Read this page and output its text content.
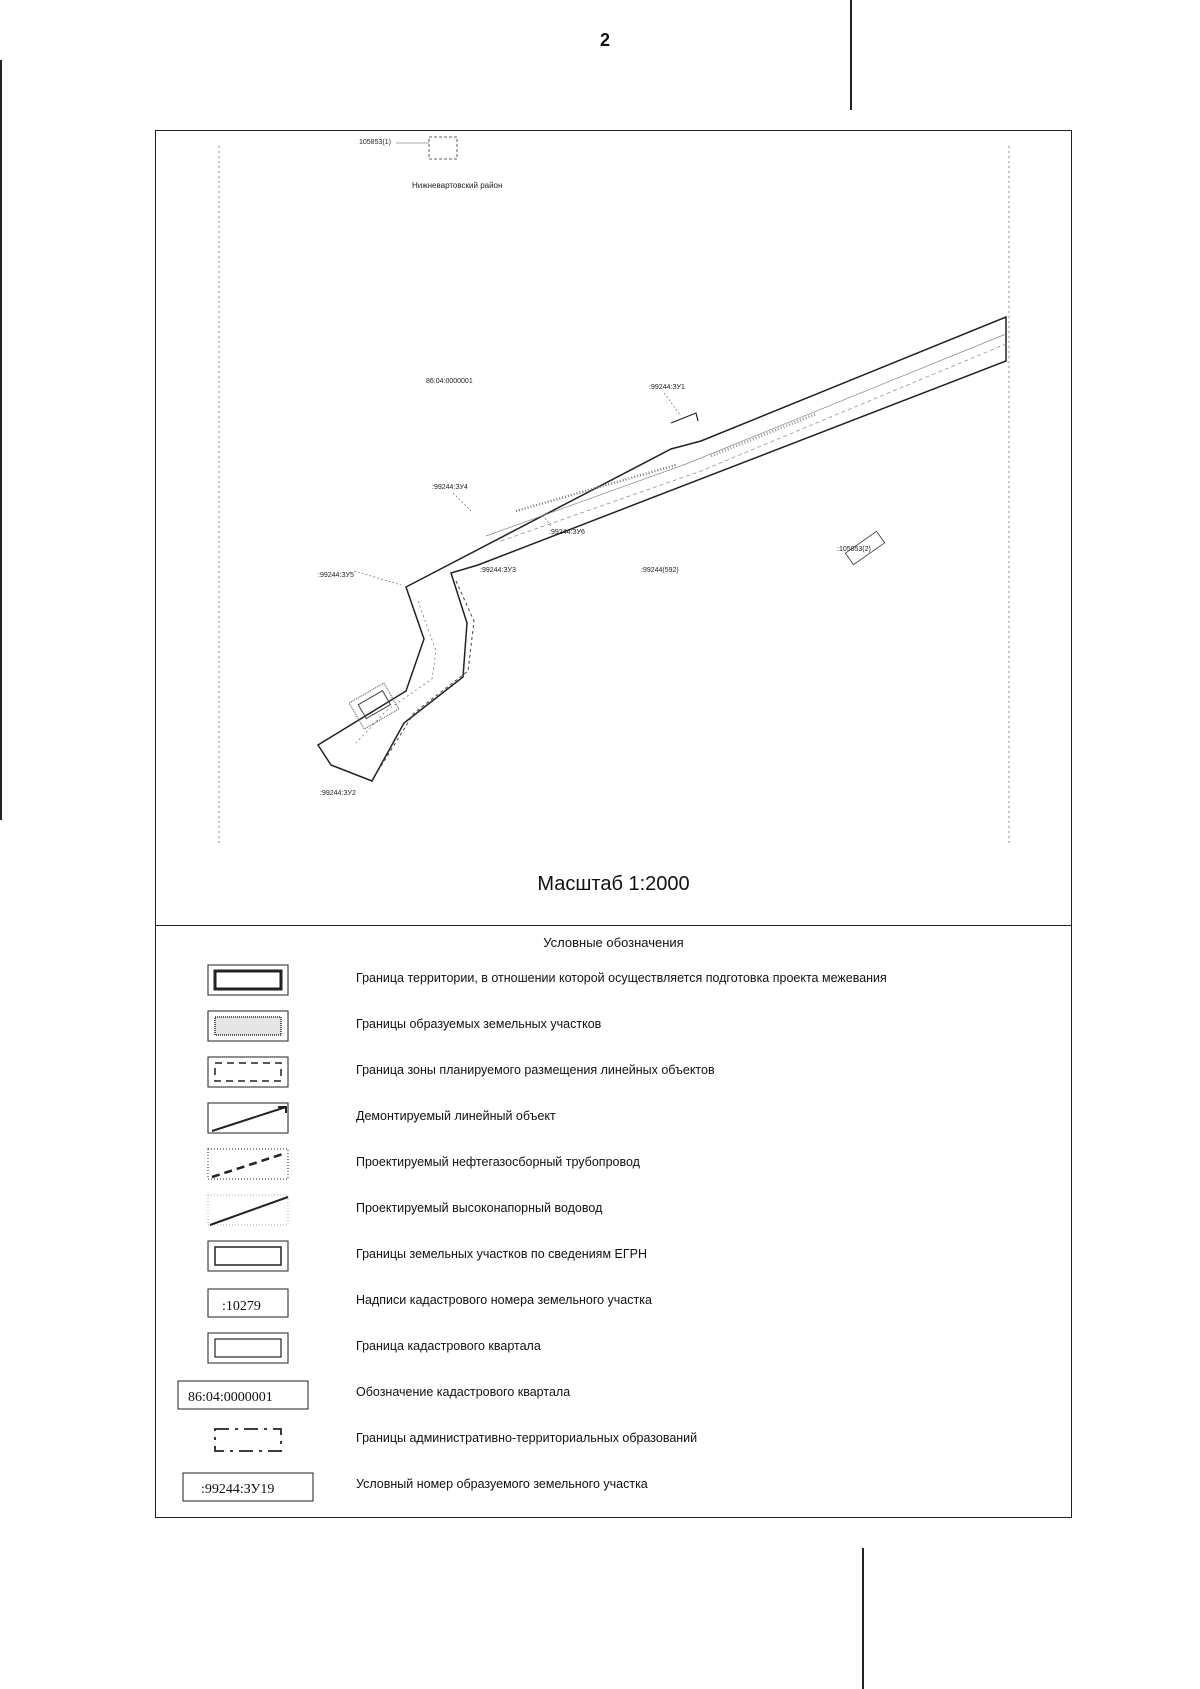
2
105853(1)
Нижневартовский район
86:04:0000001
:99244:ЗУ1
:99244:ЗУ4
:99244:ЗУ6
:99244:ЗУ5
:99244:ЗУ3	:99244(592)
:99244:ЗУ2
:105853(2)
Масштаб 1:2000
Условные обозначения
Граница территории, в отношении которой осуществляется подготовка проекта межевания
Границы образуемых земельных участков
Граница зоны планируемого размещения линейных объектов
Демонтируемый линейный объект
Проектируемый нефтегазосборный трубопровод
Проектируемый высоконапорный водовод
Границы земельных участков по сведениям ЕГРН
:10279	Надписи кадастрового номера земельного участка
Граница кадастрового квартала
86:04:0000001	Обозначение кадастрового квартала
Границы административно-территориальных образований
:99244:ЗУ19	Условный номер образуемого земельного участка
